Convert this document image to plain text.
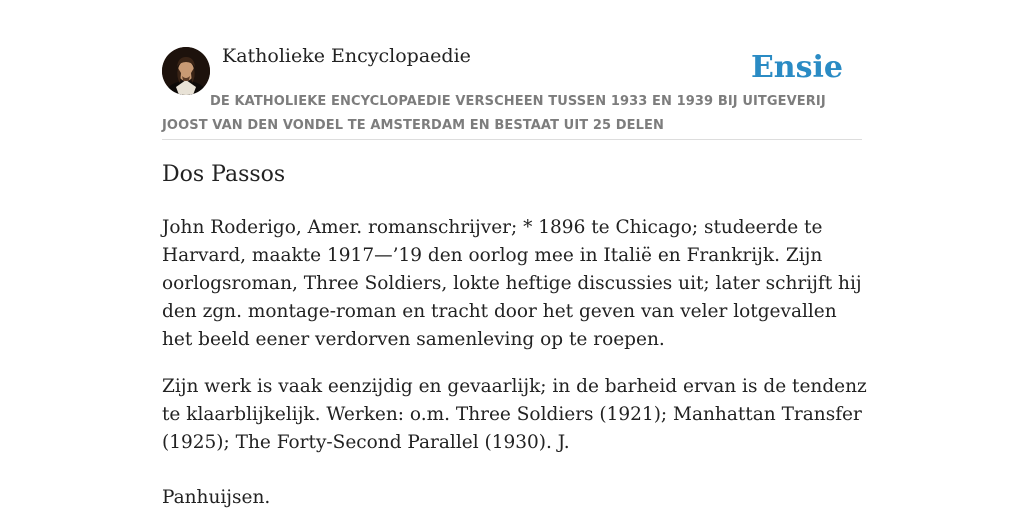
Katholieke Encyclopaedie	Ensie
DE KATHOLIEKE ENCYCLOPAEDIE VERSCHEEN TUSSEN 1933 EN 1939 BIJ UITGEVERIJ JOOST VAN DEN VONDEL TE AMSTERDAM EN BESTAAT UIT 25 DELEN
Dos Passos

John Roderigo, Amer. romanschrijver; * 1896 te Chicago; studeerde te Harvard, maakte 1917—’19 den oorlog mee in Italië en Frankrijk. Zijn oorlogsroman, Three Soldiers, lokte heftige discussies uit; later schrijft hij den zgn. montage-roman en tracht door het geven van veler lotgevallen het beeld eener verdorven samenleving op te roepen.

Zijn werk is vaak eenzijdig en gevaarlijk; in de barheid ervan is de tendenz te klaarblijkelijk. Werken: o.m. Three Soldiers (1921); Manhattan Transfer (1925); The Forty-Second Parallel (1930). J.

Panhuijsen.
